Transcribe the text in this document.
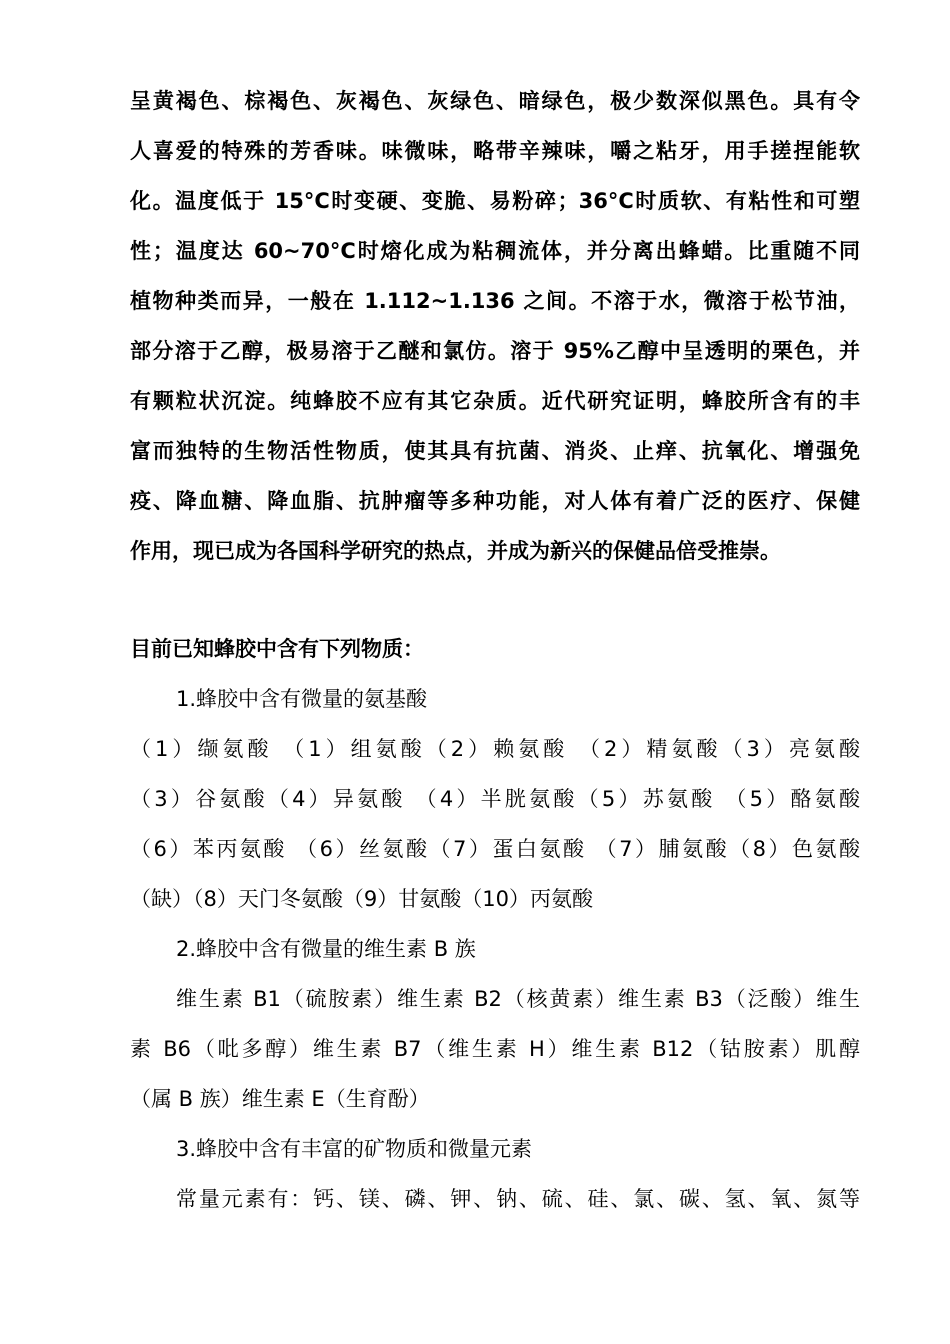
呈黄褐色、棕褐色、灰褐色、灰绿色、暗绿色，极少数深似黑色。具有令
人喜爱的特殊的芳香味。味微味，略带辛辣味，嚼之粘牙，用手搓捏能软
化。温度低于 15°C时变硬、变脆、易粉碎；36°C时质软、有粘性和可塑
性；温度达 60~70°C时熔化成为粘稠流体，并分离出蜂蜡。比重随不同
植物种类而异，一般在 1.112~1.136 之间。不溶于水，微溶于松节油，
部分溶于乙醇，极易溶于乙醚和氯仿。溶于 95%乙醇中呈透明的栗色，并
有颗粒状沉淀。纯蜂胶不应有其它杂质。近代研究证明，蜂胶所含有的丰
富而独特的生物活性物质，使其具有抗菌、消炎、止痒、抗氧化、增强免
疫、降血糖、降血脂、抗肿瘤等多种功能，对人体有着广泛的医疗、保健
作用，现已成为各国科学研究的热点，并成为新兴的保健品倍受推崇。
目前已知蜂胶中含有下列物质：
1.蜂胶中含有微量的氨基酸
（1）缬氨酸 （1）组氨酸（2）赖氨酸 （2）精氨酸（3）亮氨酸
（3）谷氨酸（4）异氨酸 （4）半胱氨酸（5）苏氨酸 （5）酪氨酸
（6）苯丙氨酸 （6）丝氨酸（7）蛋白氨酸 （7）脯氨酸（8）色氨酸
（缺）（8）天门冬氨酸（9）甘氨酸（10）丙氨酸
2.蜂胶中含有微量的维生素 B 族
维生素 B1（硫胺素）维生素 B2（核黄素）维生素 B3（泛酸）维生
素 B6（吡多醇）维生素 B7（维生素 H）维生素 B12（钴胺素）肌醇
（属 B 族）维生素 E（生育酚）
3.蜂胶中含有丰富的矿物质和微量元素
常量元素有：钙、镁、磷、钾、钠、硫、硅、氯、碳、氢、氧、氮等
